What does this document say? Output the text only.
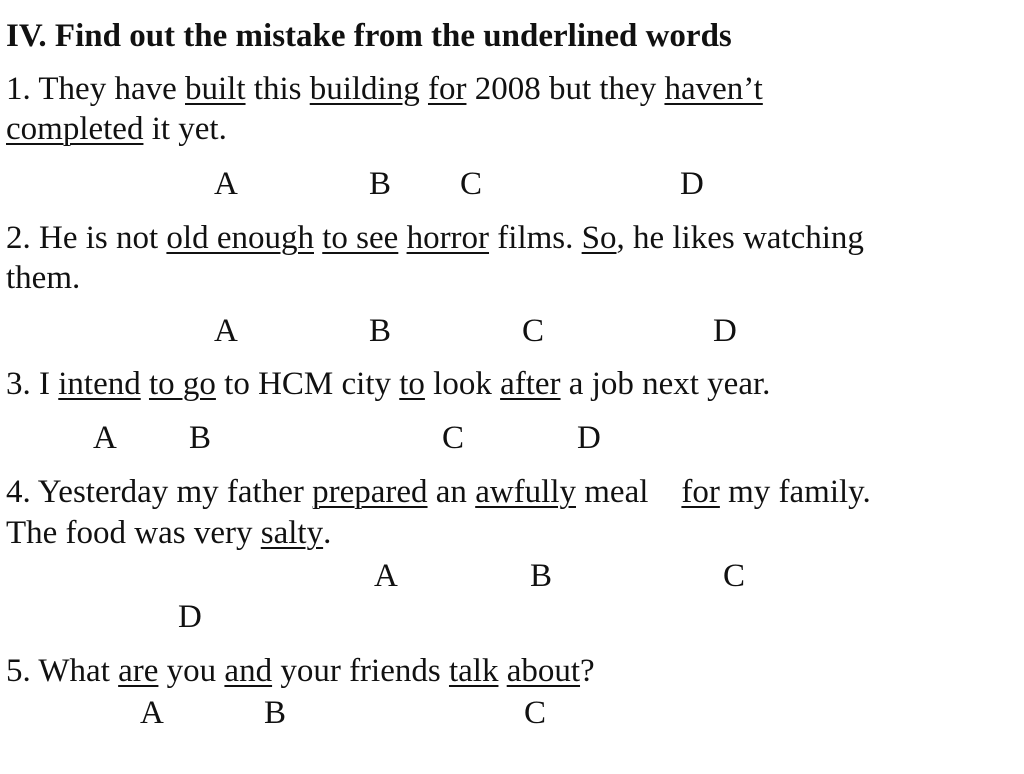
IV. Find out the mistake from the underlined words
1. They have built this building
for 2008 but they haven’t
completed it yet.
A	B C	D
2. He is not old enough
to see
horror films. So , he likes watching
them.
A	B	C	D
3. I intend
to go to HCM city to look after a job next year.
A B	C	D
4. Yesterday my father prepared an awfully meal for my family.
The food was very salty .
A	B	C
D
5. What are you and your friends talk
about ?
A	B	C
